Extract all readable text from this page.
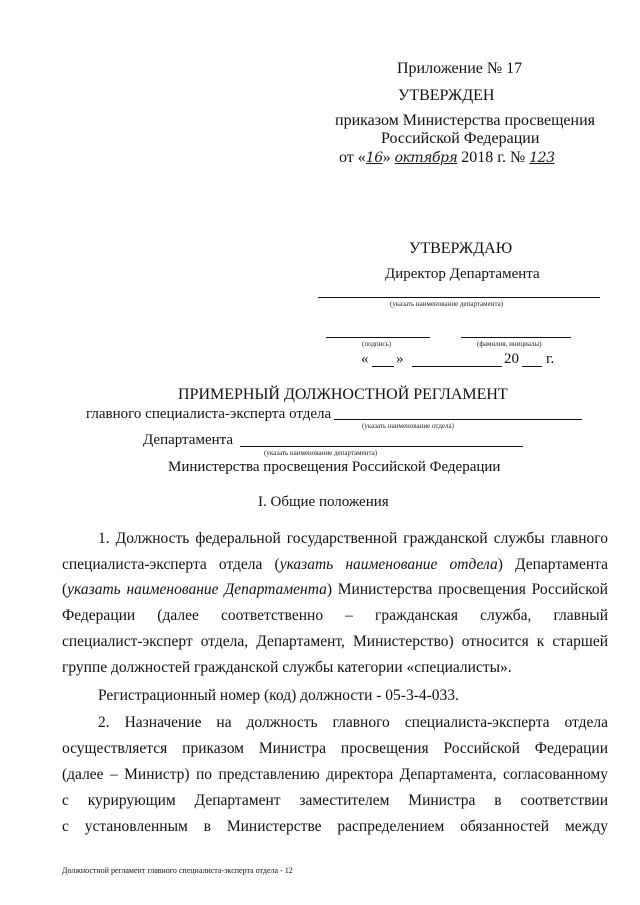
Приложение № 17
УТВЕРЖДЕН
приказом Министерства просвещения
Российской Федерации
от «16» октября 2018 г. № 123
УТВЕРЖДАЮ
Директор Департамента
(указать наименование департамента)
(подпись)	(фамилия, инициалы)
« »	20 г.
ПРИМЕРНЫЙ ДОЛЖНОСТНОЙ РЕГЛАМЕНТ
главного специалиста-эксперта отдела
(указать наименование отдела)
Департамента
(указать наименование департамента)
Министерства просвещения Российской Федерации
I. Общие положения
1. Должность федеральной государственной гражданской службы главного
специалиста-эксперта отдела (указать наименование отдела) Департамента
(указать наименование Департамента) Министерства просвещения Российской
Федерации (далее соответственно – гражданская служба, главный
специалист-эксперт отдела, Департамент, Министерство) относится к старшей
группе должностей гражданской службы категории «специалисты».
Регистрационный номер (код) должности - 05-3-4-033.
2. Назначение на должность главного специалиста-эксперта отдела
осуществляется приказом Министра просвещения Российской Федерации
(далее – Министр) по представлению директора Департамента, согласованному
с курирующим Департамент заместителем Министра в соответствии
с установленным в Министерстве распределением обязанностей между
Должностной регламент главного специалиста-эксперта отдела - 12
